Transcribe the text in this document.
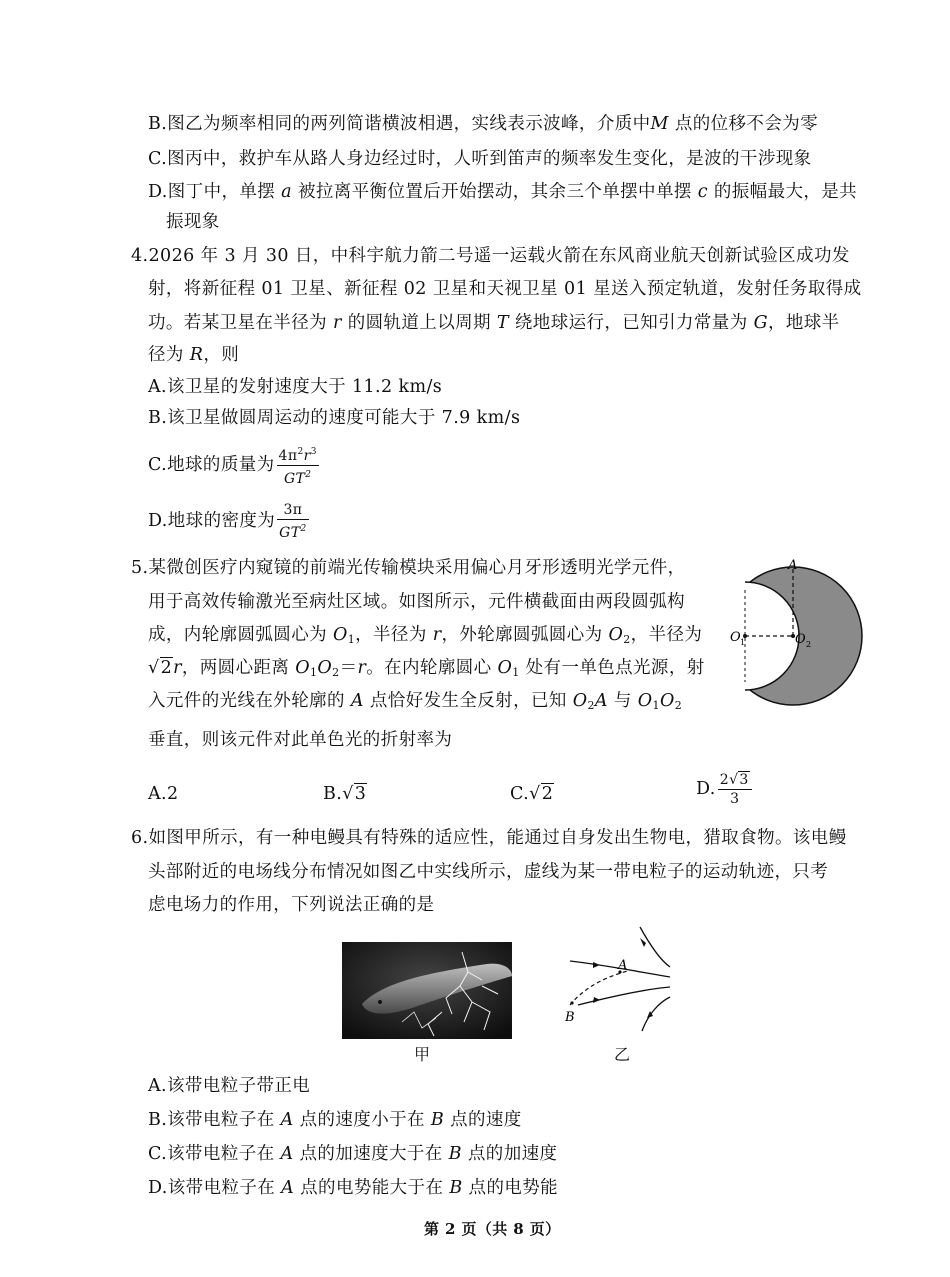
B.图乙为频率相同的两列简谐横波相遇，实线表示波峰，介质中M 点的位移不会为零
C.图丙中，救护车从路人身边经过时，人听到笛声的频率发生变化，是波的干涉现象
D.图丁中，单摆 a 被拉离平衡位置后开始摆动，其余三个单摆中单摆 c 的振幅最大，是共
振现象
4.2026 年 3 月 30 日，中科宇航力箭二号遥一运载火箭在东风商业航天创新试验区成功发
射，将新征程 01 卫星、新征程 02 卫星和天视卫星 01 星送入预定轨道，发射任务取得成
功。若某卫星在半径为 r 的圆轨道上以周期 T 绕地球运行，已知引力常量为 G，地球半
径为 R，则
A.该卫星的发射速度大于 11.2 km/s
B.该卫星做圆周运动的速度可能大于 7.9 km/s
C.地球的质量为 $\frac{4\pi^2r^3}{GT^2}$
D.地球的密度为 $\frac{3\pi}{GT^2}$
5.某微创医疗内窥镜的前端光传输模块采用偏心月牙形透明光学元件，
用于高效传输激光至病灶区域。如图所示，元件横截面由两段圆弧构
成，内轮廓圆弧圆心为 $O_1$，半径为 r，外轮廓圆弧圆心为 $O_2$，半径为
√2r，两圆心距离 $O_1O_2=r$。在内轮廓圆心 $O_1$ 处有一单色点光源，射
入元件的光线在外轮廓的 A 点恰好发生全反射，已知 $O_2A$ 与 $O_1O_2$
垂直，则该元件对此单色光的折射率为
A.2	B.√3	C.√2	D. $\frac{2√3}{3}$
A
O 1	O 2
6.如图甲所示，有一种电鳗具有特殊的适应性，能通过自身发出生物电，猎取食物。该电鳗
头部附近的电场线分布情况如图乙中实线所示，虚线为某一带电粒子的运动轨迹，只考
虑电场力的作用，下列说法正确的是
甲
A
B
乙
A.该带电粒子带正电
B.该带电粒子在 A 点的速度小于在 B 点的速度
C.该带电粒子在 A 点的加速度大于在 B 点的加速度
D.该带电粒子在 A 点的电势能大于在 B 点的电势能
第 2 页（共 8 页）
